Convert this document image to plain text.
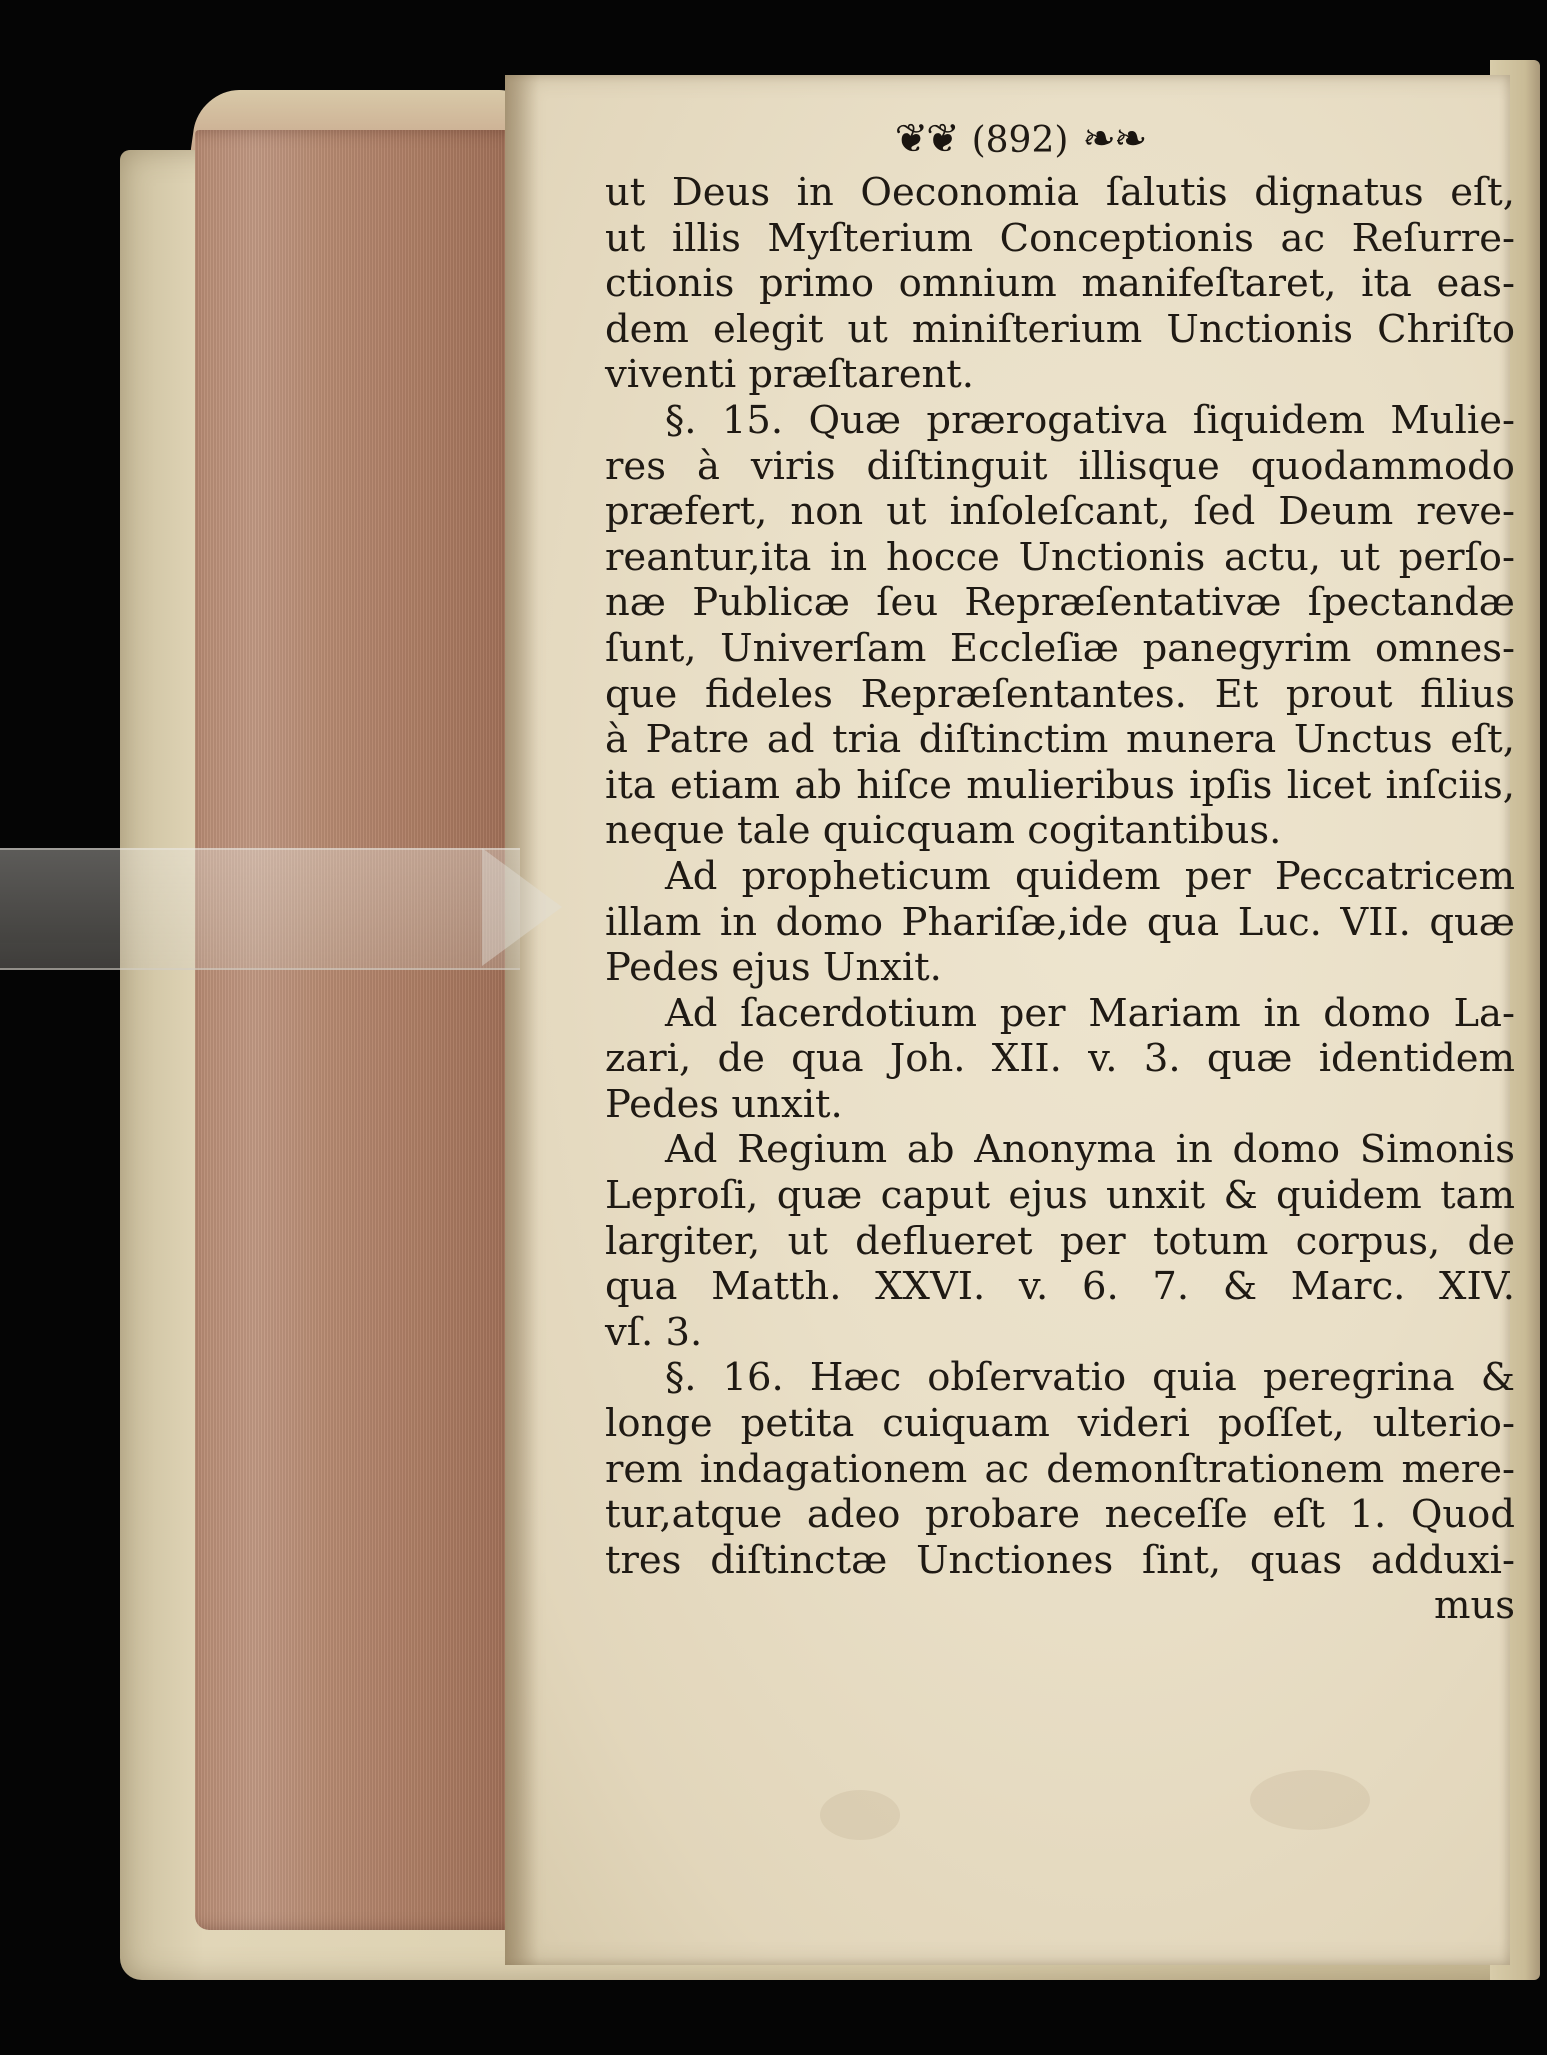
❦❦ (892) ❧❧
ut Deus in Oeconomia ſalutis dignatus eſt,
ut illis Myſterium Conceptionis ac Reſurre-
ctionis primo omnium manifeſtaret, ita eas-
dem elegit ut miniſterium Unctionis Chriſto
viventi præſtarent.
§. 15. Quæ prærogativa ſiquidem Mulie-
res à viris diſtinguit illisque quodammodo
præfert, non ut inſoleſcant, ſed Deum reve-
reantur,ita in hocce Unctionis actu, ut perſo-
næ Publicæ ſeu Repræſentativæ ſpectandæ
ſunt, Univerſam Eccleſiæ panegyrim omnes-
que fideles Repræſentantes. Et prout filius
à Patre ad tria diſtinctim munera Unctus eſt,
ita etiam ab hiſce mulieribus ipſis licet inſciis,
neque tale quicquam cogitantibus.
Ad propheticum quidem per Peccatricem
illam in domo Phariſæ,ide qua Luc. VII. quæ
Pedes ejus Unxit.
Ad ſacerdotium per Mariam in domo La-
zari, de qua Joh. XII. v. 3. quæ identidem
Pedes unxit.
Ad Regium ab Anonyma in domo Simonis
Leproſi, quæ caput ejus unxit & quidem tam
largiter, ut deflueret per totum corpus, de
qua Matth. XXVI. v. 6. 7. & Marc. XIV.
vſ. 3.
§. 16. Hæc obſervatio quia peregrina &
longe petita cuiquam videri poſſet, ulterio-
rem indagationem ac demonſtrationem mere-
tur,atque adeo probare neceſſe eſt 1. Quod
tres diſtinctæ Unctiones ſint, quas adduxi-
mus
